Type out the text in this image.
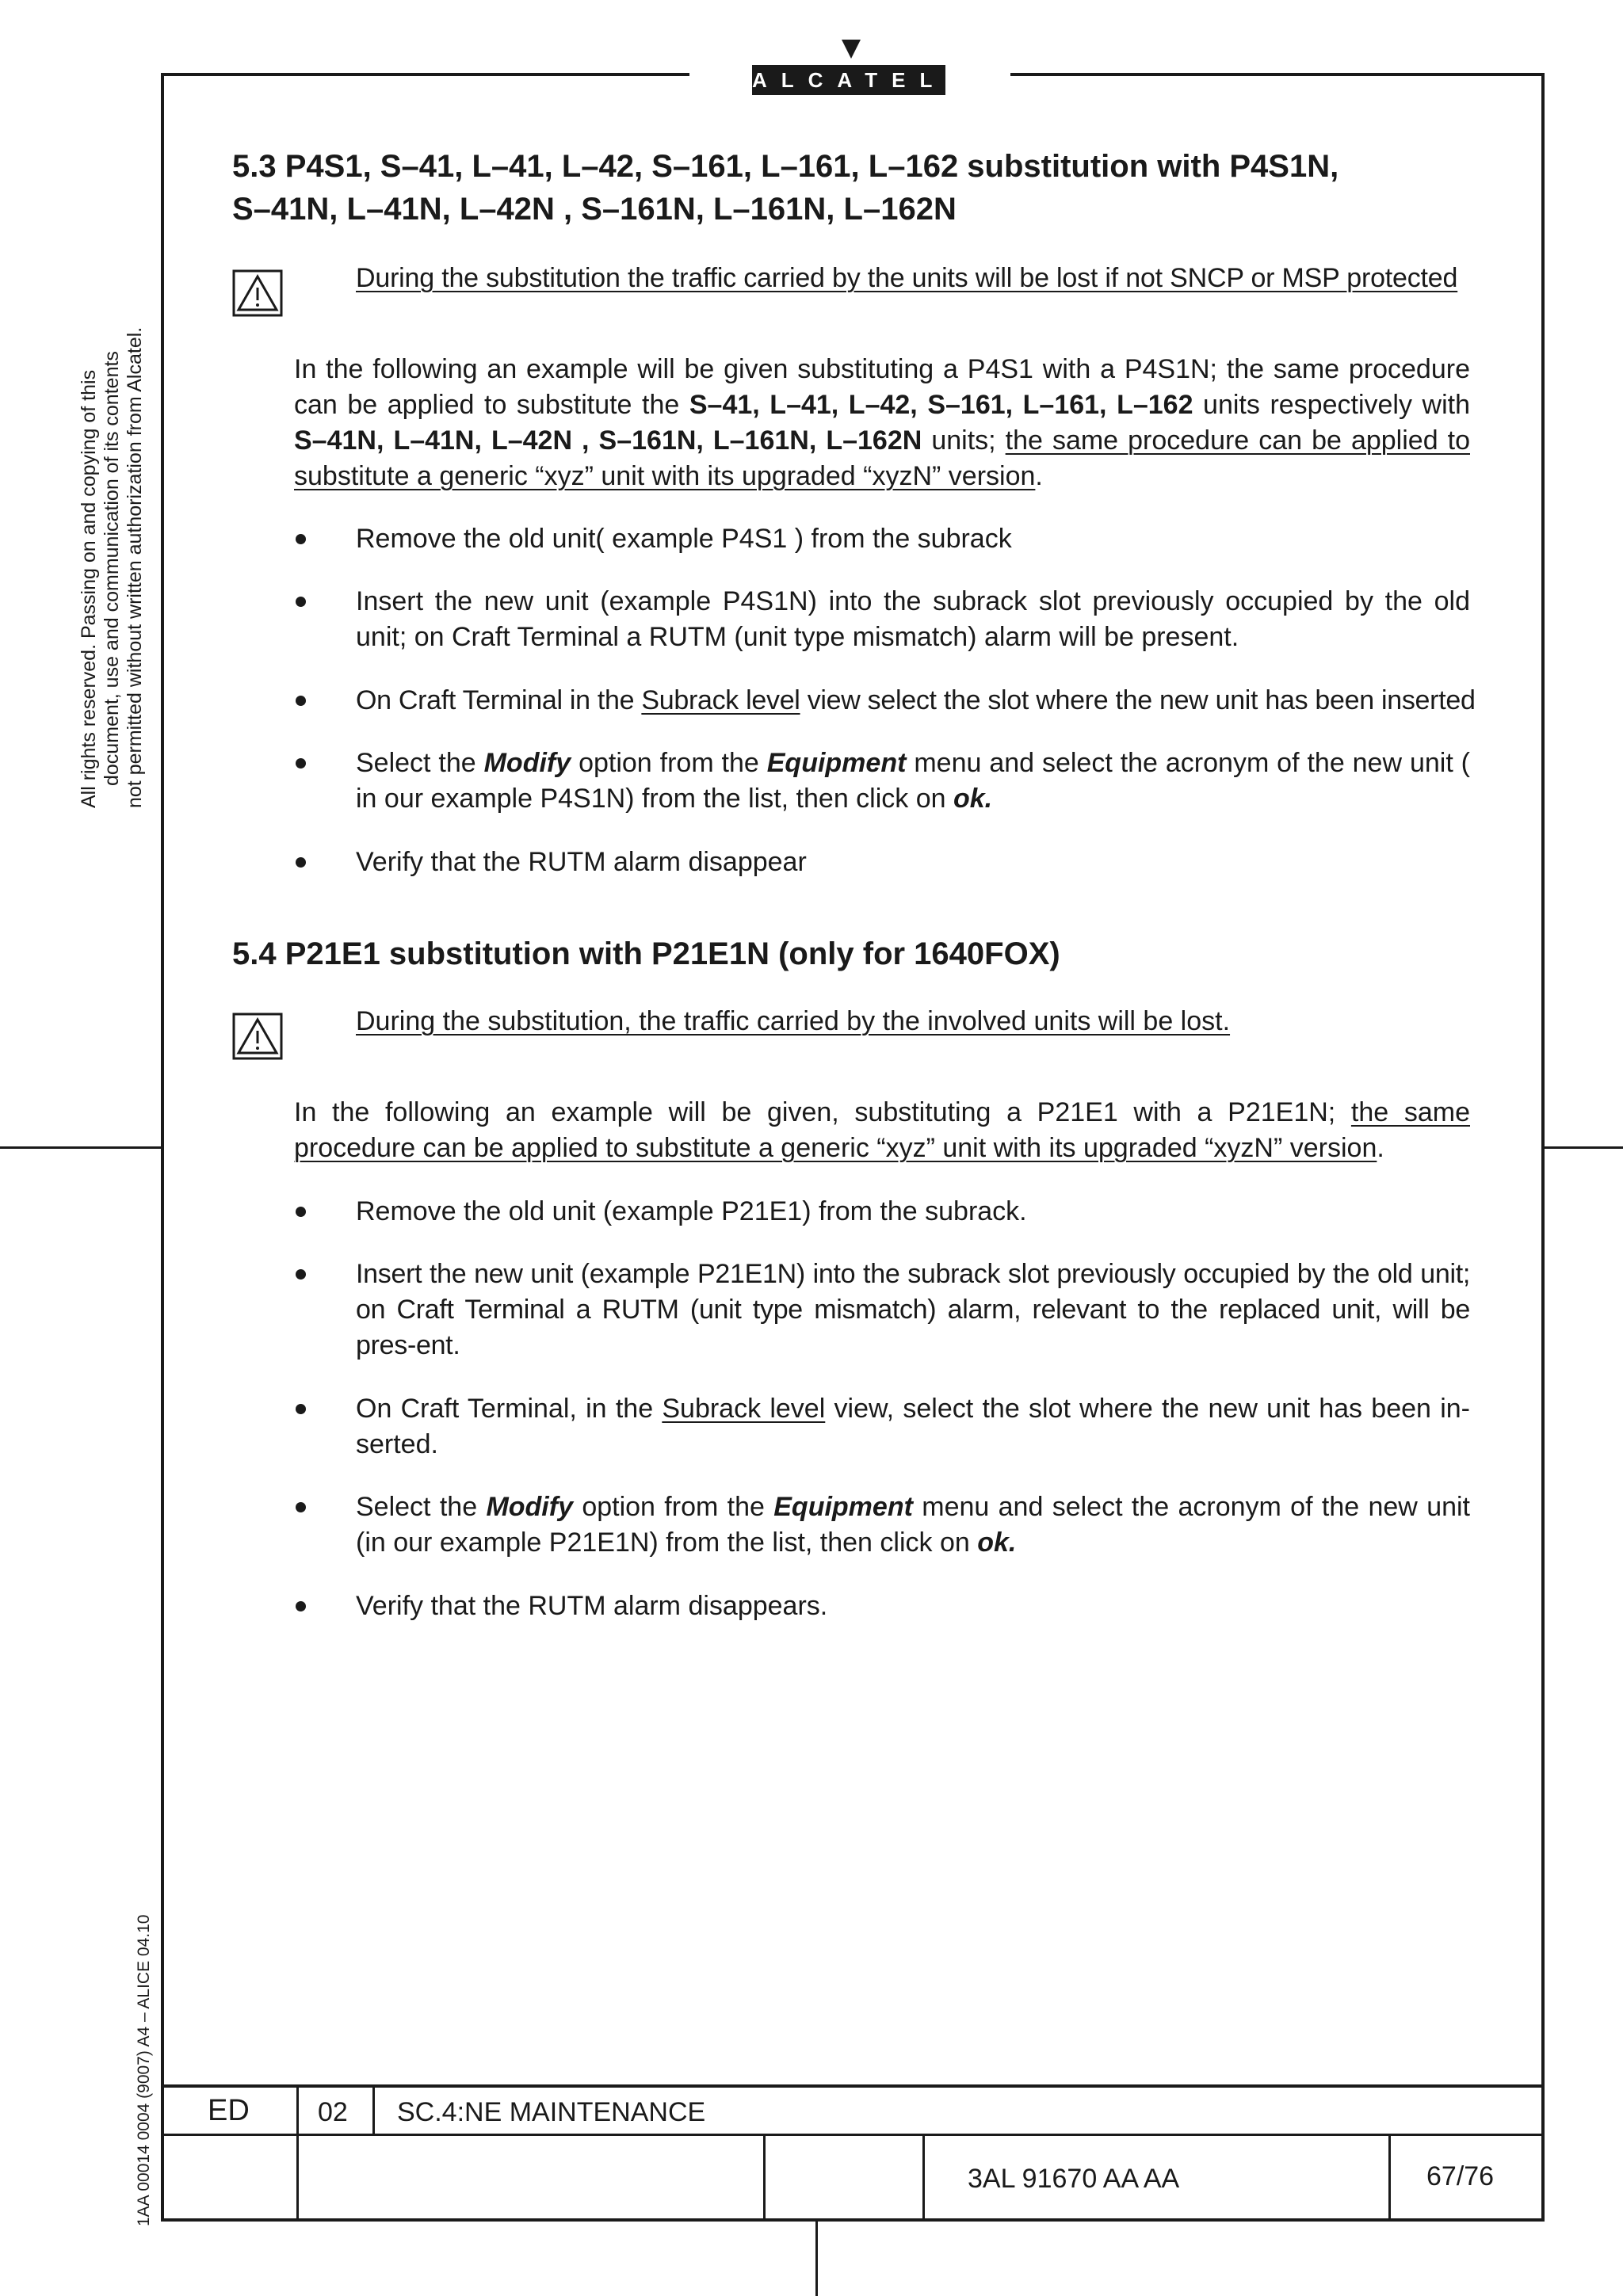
ALCATEL
All rights reserved. Passing on and copying of this document, use and communication of its contents not permitted without written authorization from Alcatel.
1AA 00014 0004 (9007) A4 – ALICE 04.10
5.3 P4S1, S–41, L–41, L–42, S–161, L–161, L–162 substitution with P4S1N,
S–41N, L–41N, L–42N , S–161N, L–161N, L–162N

During the substitution the traffic carried by the units will be lost if not SNCP or MSP protected

In the following an example will be given substituting a P4S1 with a P4S1N; the same procedure can be applied to substitute the S–41, L–41, L–42, S–161, L–161, L–162 units respectively with S–41N, L–41N, L–42N , S–161N, L–161N, L–162N units; the same procedure can be applied to substitute a generic “xyz” unit with its upgraded “xyzN” version.

Remove the old unit( example P4S1 ) from the subrack

Insert the new unit (example P4S1N) into the subrack slot previously occupied by the old unit; on Craft Terminal a RUTM (unit type mismatch) alarm will be present.

On Craft Terminal in the Subrack level view select the slot where the new unit has been inserted

Select the Modify option from the Equipment menu and select the acronym of the new unit ( in our example P4S1N) from the list, then click on ok.

Verify that the RUTM alarm disappear

5.4 P21E1 substitution with P21E1N (only for 1640FOX)

During the substitution, the traffic carried by the involved units will be lost.

In the following an example will be given, substituting a P21E1 with a P21E1N; the same procedure can be applied to substitute a generic “xyz” unit with its upgraded “xyzN” version.

Remove the old unit (example P21E1) from the subrack.

Insert the new unit (example P21E1N) into the subrack slot previously occupied by the old unit; on Craft Terminal a RUTM (unit type mismatch) alarm, relevant to the replaced unit, will be pres-ent.

On Craft Terminal, in the Subrack level view, select the slot where the new unit has been in-serted.

Select the Modify option from the Equipment menu and select the acronym of the new unit (in our example P21E1N) from the list, then click on ok.

Verify that the RUTM alarm disappears.

ED	02 SC.4:NE MAINTENANCE
3AL 91670 AA AA	67/76
